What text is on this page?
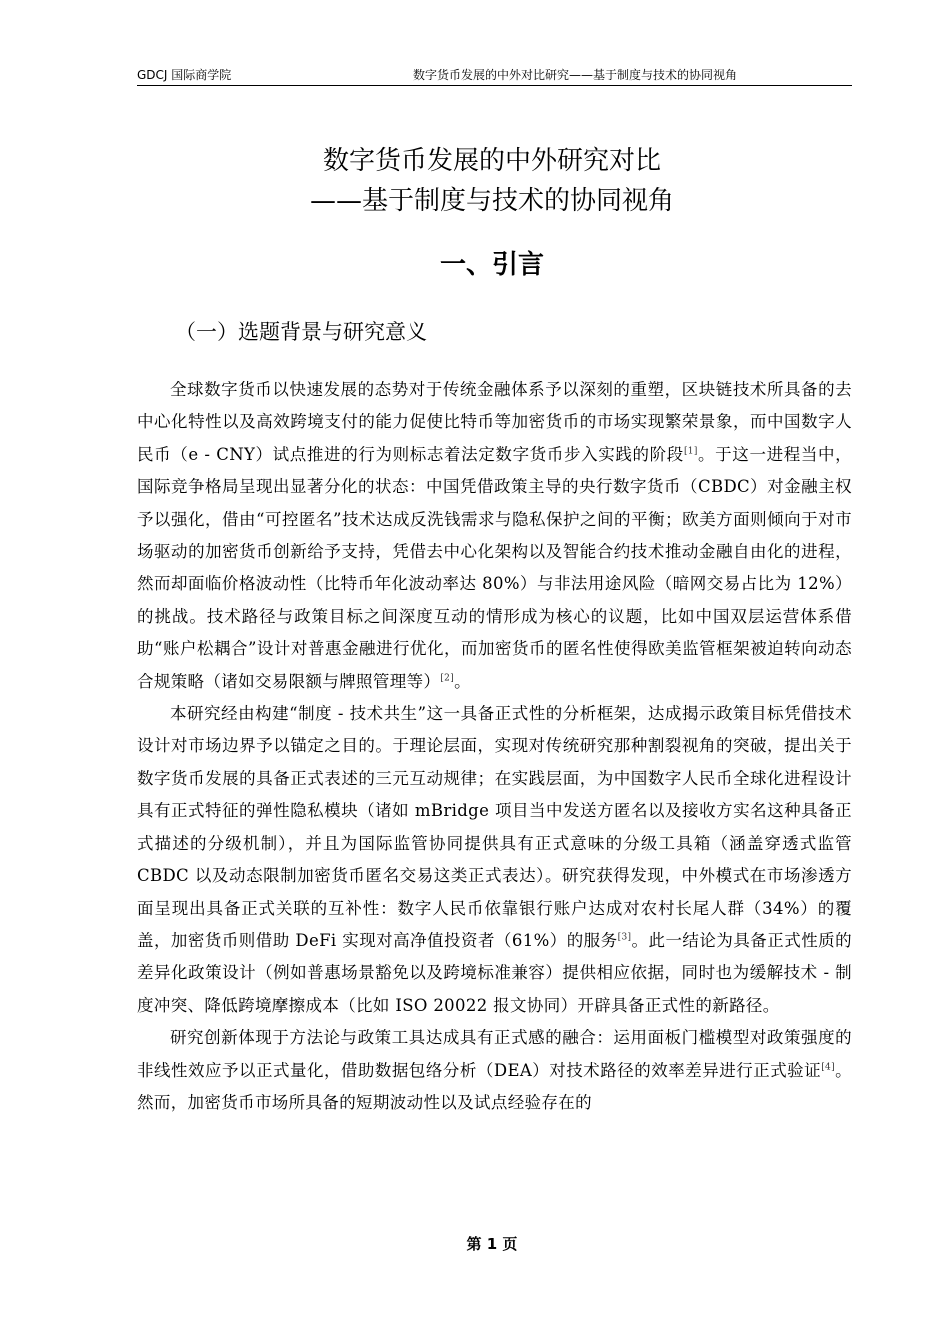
GDCJ 国际商学院	数字货币发展的中外对比研究——基于制度与技术的协同视角
数字货币发展的中外研究对比
——基于制度与技术的协同视角
一、引言
（一）选题背景与研究意义

全球数字货币以快速发展的态势对于传统金融体系予以深刻的重塑，区块链技术所具备的去中心化特性以及高效跨境支付的能力促使比特币等加密货币的市场实现繁荣景象，而中国数字人民币（e - CNY）试点推进的行为则标志着法定数字货币步入实践的阶段[1]。于这一进程当中，国际竞争格局呈现出显著分化的状态：中国凭借政策主导的央行数字货币（CBDC）对金融主权予以强化，借由“可控匿名”技术达成反洗钱需求与隐私保护之间的平衡；欧美方面则倾向于对市场驱动的加密货币创新给予支持，凭借去中心化架构以及智能合约技术推动金融自由化的进程，然而却面临价格波动性（比特币年化波动率达 80%）与非法用途风险（暗网交易占比为 12%）的挑战。技术路径与政策目标之间深度互动的情形成为核心的议题，比如中国双层运营体系借助“账户松耦合”设计对普惠金融进行优化，而加密货币的匿名性使得欧美监管框架被迫转向动态合规策略（诸如交易限额与牌照管理等）[2]。

本研究经由构建“制度 - 技术共生”这一具备正式性的分析框架，达成揭示政策目标凭借技术设计对市场边界予以锚定之目的。于理论层面，实现对传统研究那种割裂视角的突破，提出关于数字货币发展的具备正式表述的三元互动规律；在实践层面，为中国数字人民币全球化进程设计具有正式特征的弹性隐私模块（诸如 mBridge 项目当中发送方匿名以及接收方实名这种具备正式描述的分级机制），并且为国际监管协同提供具有正式意味的分级工具箱（涵盖穿透式监管 CBDC 以及动态限制加密货币匿名交易这类正式表达）。研究获得发现，中外模式在市场渗透方面呈现出具备正式关联的互补性：数字人民币依靠银行账户达成对农村长尾人群（34%）的覆盖，加密货币则借助 DeFi 实现对高净值投资者（61%）的服务[3]。此一结论为具备正式性质的差异化政策设计（例如普惠场景豁免以及跨境标准兼容）提供相应依据，同时也为缓解技术 - 制度冲突、降低跨境摩擦成本（比如 ISO 20022 报文协同）开辟具备正式性的新路径。

研究创新体现于方法论与政策工具达成具有正式感的融合：运用面板门槛模型对政策强度的非线性效应予以正式量化，借助数据包络分析（DEA）对技术路径的效率差异进行正式验证[4]。然而，加密货币市场所具备的短期波动性以及试点经验存在的

第 1 页
